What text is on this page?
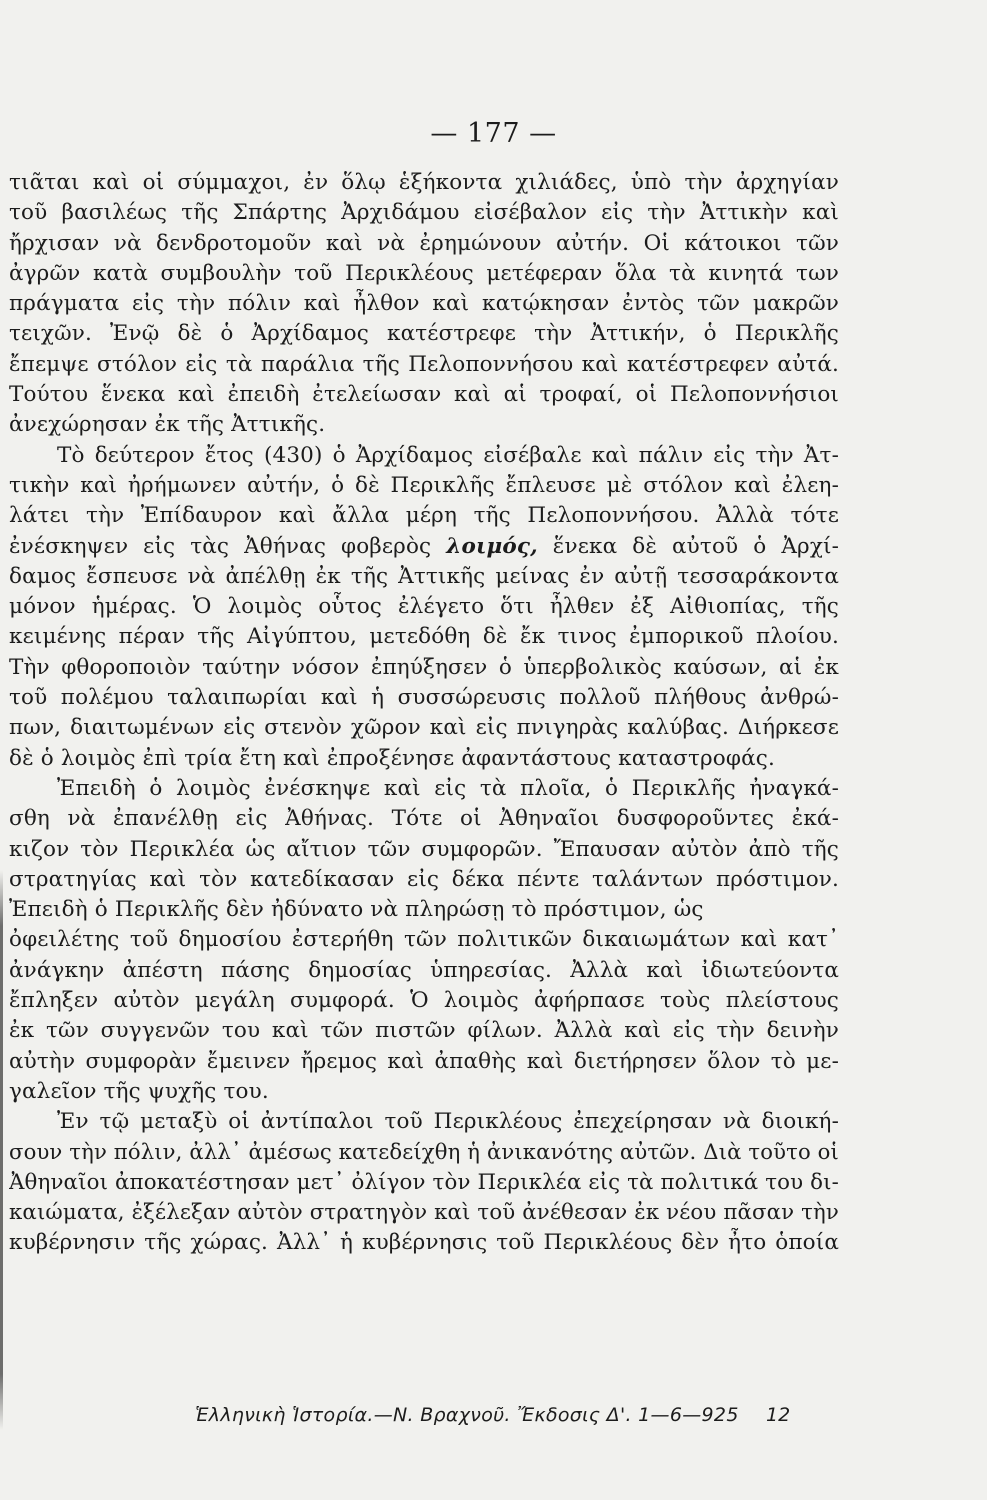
— 177 —
τιᾶται καὶ οἱ σύμμαχοι, ἐν ὅλῳ ἑξήκοντα χιλιάδες, ὑπὸ τὴν ἀρχηγίαν
τοῦ βασιλέως τῆς Σπάρτης Ἀρχιδάμου εἰσέβαλον εἰς τὴν Ἀττικὴν καὶ
ἤρχισαν νὰ δενδροτομοῦν καὶ νὰ ἐρημώνουν αὐτήν. Οἱ κάτοικοι τῶν
ἀγρῶν κατὰ συμβουλὴν τοῦ Περικλέους μετέφεραν ὅλα τὰ κινητά των
πράγματα εἰς τὴν πόλιν καὶ ἦλθον καὶ κατῴκησαν ἐντὸς τῶν μακρῶν
τειχῶν. Ἐνῷ δὲ ὁ Ἀρχίδαμος κατέστρεφε τὴν Ἀττικήν, ὁ Περικλῆς
ἔπεμψε στόλον εἰς τὰ παράλια τῆς Πελοποννήσου καὶ κατέστρεφεν αὐτά.
Τούτου ἕνεκα καὶ ἐπειδὴ ἐτελείωσαν καὶ αἱ τροφαί, οἱ Πελοποννήσιοι
ἀνεχώρησαν ἐκ τῆς Ἀττικῆς.
Τὸ δεύτερον ἔτος (430) ὁ Ἀρχίδαμος εἰσέβαλε καὶ πάλιν εἰς τὴν Ἀτ-
τικὴν καὶ ἠρήμωνεν αὐτήν, ὁ δὲ Περικλῆς ἔπλευσε μὲ στόλον καὶ ἐλεη-
λάτει τὴν Ἐπίδαυρον καὶ ἄλλα μέρη τῆς Πελοποννήσου. Ἀλλὰ τότε
ἐνέσκηψεν εἰς τὰς Ἀθήνας φοβερὸς λοιμός, ἕνεκα δὲ αὐτοῦ ὁ Ἀρχί-
δαμος ἔσπευσε νὰ ἀπέλθῃ ἐκ τῆς Ἀττικῆς μείνας ἐν αὐτῇ τεσσαράκοντα
μόνον ἡμέρας. Ὁ λοιμὸς οὗτος ἐλέγετο ὅτι ἦλθεν ἐξ Αἰθιοπίας, τῆς
κειμένης πέραν τῆς Αἰγύπτου, μετεδόθη δὲ ἔκ τινος ἐμπορικοῦ πλοίου.
Τὴν φθοροποιὸν ταύτην νόσον ἐπηύξησεν ὁ ὑπερβολικὸς καύσων, αἱ ἐκ
τοῦ πολέμου ταλαιπωρίαι καὶ ἡ συσσώρευσις πολλοῦ πλήθους ἀνθρώ-
πων, διαιτωμένων εἰς στενὸν χῶρον καὶ εἰς πνιγηρὰς καλύβας. Διήρκεσε
δὲ ὁ λοιμὸς ἐπὶ τρία ἔτη καὶ ἐπροξένησε ἀφαντάστους καταστροφάς.
Ἐπειδὴ ὁ λοιμὸς ἐνέσκηψε καὶ εἰς τὰ πλοῖα, ὁ Περικλῆς ἠναγκά-
σθη νὰ ἐπανέλθῃ εἰς Ἀθήνας. Τότε οἱ Ἀθηναῖοι δυσφοροῦντες ἐκά-
κιζον τὸν Περικλέα ὡς αἴτιον τῶν συμφορῶν. Ἔπαυσαν αὐτὸν ἀπὸ τῆς
στρατηγίας καὶ τὸν κατεδίκασαν εἰς δέκα πέντε ταλάντων πρόστιμον.
Ἐπειδὴ ὁ Περικλῆς δὲν ἠδύνατο νὰ πληρώσῃ τὸ πρόστιμον, ὡς
ὀφειλέτης τοῦ δημοσίου ἐστερήθη τῶν πολιτικῶν δικαιωμάτων καὶ κατ᾽
ἀνάγκην ἀπέστη πάσης δημοσίας ὑπηρεσίας. Ἀλλὰ καὶ ἰδιωτεύοντα
ἔπληξεν αὐτὸν μεγάλη συμφορά. Ὁ λοιμὸς ἀφήρπασε τοὺς πλείστους
ἐκ τῶν συγγενῶν του καὶ τῶν πιστῶν φίλων. Ἀλλὰ καὶ εἰς τὴν δεινὴν
αὐτὴν συμφορὰν ἔμεινεν ἤρεμος καὶ ἀπαθὴς καὶ διετήρησεν ὅλον τὸ με-
γαλεῖον τῆς ψυχῆς του.
Ἐν τῷ μεταξὺ οἱ ἀντίπαλοι τοῦ Περικλέους ἐπεχείρησαν νὰ διοική-
σουν τὴν πόλιν, ἀλλ᾽ ἀμέσως κατεδείχθη ἡ ἀνικανότης αὐτῶν. Διὰ τοῦτο οἱ
Ἀθηναῖοι ἀποκατέστησαν μετ᾽ ὀλίγον τὸν Περικλέα εἰς τὰ πολιτικά του δι-
καιώματα, ἐξέλεξαν αὐτὸν στρατηγὸν καὶ τοῦ ἀνέθεσαν ἐκ νέου πᾶσαν τὴν
κυβέρνησιν τῆς χώρας. Ἀλλ᾽ ἡ κυβέρνησις τοῦ Περικλέους δὲν ἦτο ὁποία
Ἑλληνικὴ Ἱστορία.—Ν. Βραχνοῦ. Ἔκδοσις Δ'. 1—6—925 12
